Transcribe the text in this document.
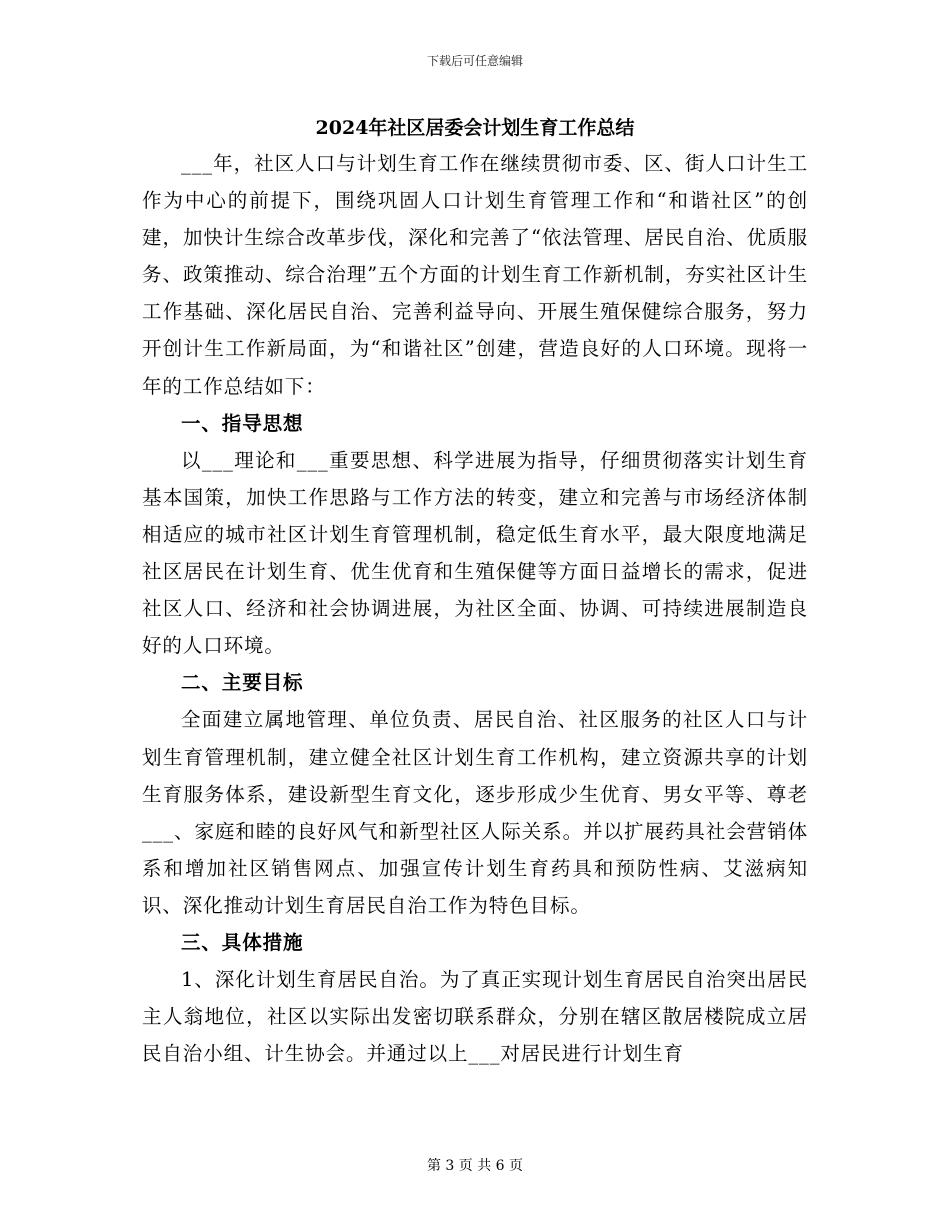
下载后可任意编辑
2024年社区居委会计划生育工作总结

___年，社区人口与计划生育工作在继续贯彻市委、区、街人口计生工作为中心的前提下，围绕巩固人口计划生育管理工作和“和谐社区”的创建，加快计生综合改革步伐，深化和完善了“依法管理、居民自治、优质服务、政策推动、综合治理”五个方面的计划生育工作新机制，夯实社区计生工作基础、深化居民自治、完善利益导向、开展生殖保健综合服务，努力开创计生工作新局面，为“和谐社区”创建，营造良好的人口环境。现将一年的工作总结如下：

一、指导思想

以___理论和___重要思想、科学进展为指导，仔细贯彻落实计划生育基本国策，加快工作思路与工作方法的转变，建立和完善与市场经济体制相适应的城市社区计划生育管理机制，稳定低生育水平，最大限度地满足社区居民在计划生育、优生优育和生殖保健等方面日益增长的需求，促进社区人口、经济和社会协调进展，为社区全面、协调、可持续进展制造良好的人口环境。

二、主要目标

全面建立属地管理、单位负责、居民自治、社区服务的社区人口与计划生育管理机制，建立健全社区计划生育工作机构，建立资源共享的计划生育服务体系，建设新型生育文化，逐步形成少生优育、男女平等、尊老___、家庭和睦的良好风气和新型社区人际关系。并以扩展药具社会营销体系和增加社区销售网点、加强宣传计划生育药具和预防性病、艾滋病知识、深化推动计划生育居民自治工作为特色目标。

三、具体措施

1、深化计划生育居民自治。为了真正实现计划生育居民自治突出居民主人翁地位，社区以实际出发密切联系群众，分别在辖区散居楼院成立居民自治小组、计生协会。并通过以上___对居民进行计划生育

第 3 页 共 6 页
